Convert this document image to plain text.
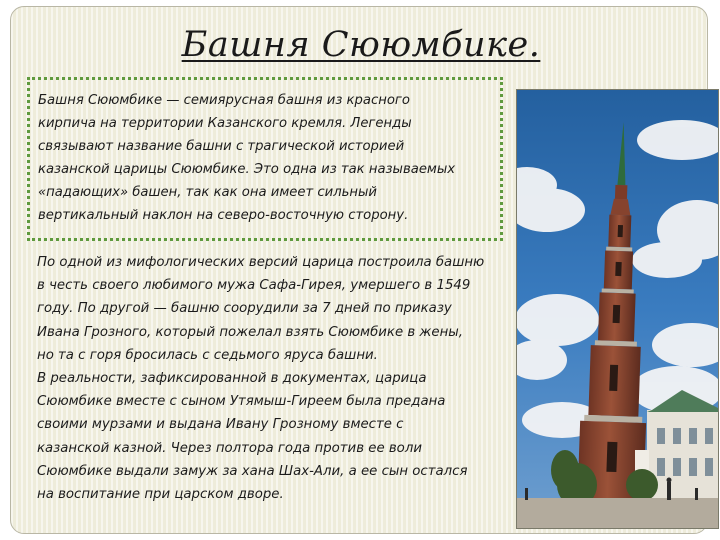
Башня Сююмбике.
Башня Сююмбике — семиярусная башня из красного
кирпича на территории Казанского кремля. Легенды
связывают название башни с трагической историей
казанской царицы Сююмбике. Это одна из так называемых
«падающих» башен, так как она имеет сильный
вертикальный наклон на северо-восточную сторону.
По одной из мифологических версий царица построила башню
в честь своего любимого мужа Сафа-Гирея, умершего в 1549
году. По другой — башню соорудили за 7 дней по приказу
Ивана Грозного, который пожелал взять Сююмбике в жены,
но та с горя бросилась с седьмого яруса башни.
В реальности, зафиксированной в документах, царица
Сююмбике вместе с сыном Утямыш-Гиреем была предана
своими мурзами и выдана Ивану Грозному вместе с
казанской казной. Через полтора года против ее воли
Сююмбике выдали замуж за хана Шах-Али, а ее сын остался
на воспитание при царском дворе.
